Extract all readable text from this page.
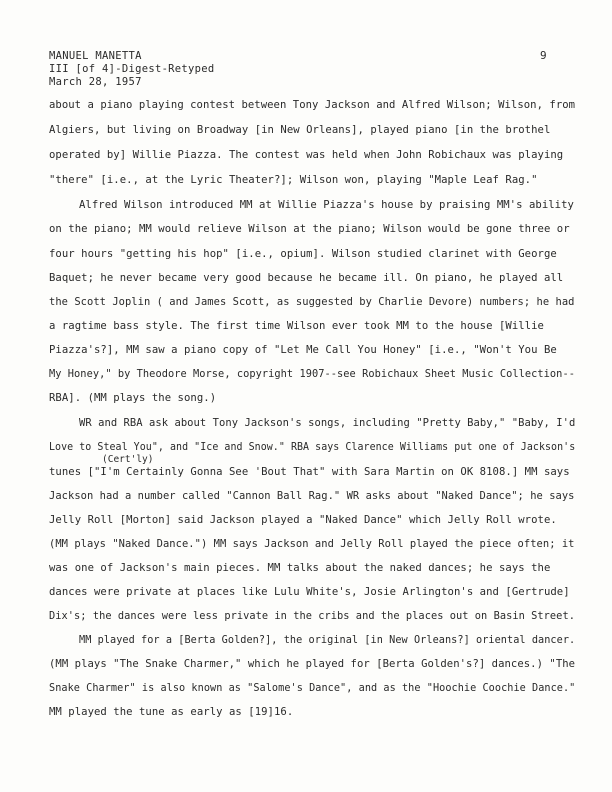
MANUEL MANETTA
III [of 4]-Digest-Retyped
March 28, 1957
9
about a piano playing contest between Tony Jackson and Alfred Wilson; Wilson, from
Algiers, but living on Broadway [in New Orleans], played piano [in the brothel
operated by] Willie Piazza. The contest was held when John Robichaux was playing
"there" [i.e., at the Lyric Theater?]; Wilson won, playing "Maple Leaf Rag."
Alfred Wilson introduced MM at Willie Piazza's house by praising MM's ability
on the piano; MM would relieve Wilson at the piano; Wilson would be gone three or
four hours "getting his hop" [i.e., opium]. Wilson studied clarinet with George
Baquet; he never became very good because he became ill. On piano, he played all
the Scott Joplin ( and James Scott, as suggested by Charlie Devore) numbers; he had
a ragtime bass style. The first time Wilson ever took MM to the house [Willie
Piazza's?], MM saw a piano copy of "Let Me Call You Honey" [i.e., "Won't You Be
My Honey," by Theodore Morse, copyright 1907--see Robichaux Sheet Music Collection--
RBA]. (MM plays the song.)
WR and RBA ask about Tony Jackson's songs, including "Pretty Baby," "Baby, I'd
Love to Steal You", and "Ice and Snow." RBA says Clarence Williams put one of Jackson's
(Cert'ly)
tunes ["I'm Certainly Gonna See 'Bout That" with Sara Martin on OK 8108.] MM says
Jackson had a number called "Cannon Ball Rag." WR asks about "Naked Dance"; he says
Jelly Roll [Morton] said Jackson played a "Naked Dance" which Jelly Roll wrote.
(MM plays "Naked Dance.") MM says Jackson and Jelly Roll played the piece often; it
was one of Jackson's main pieces. MM talks about the naked dances; he says the
dances were private at places like Lulu White's, Josie Arlington's and [Gertrude]
Dix's; the dances were less private in the cribs and the places out on Basin Street.
MM played for a [Berta Golden?], the original [in New Orleans?] oriental dancer.
(MM plays "The Snake Charmer," which he played for [Berta Golden's?] dances.) "The
Snake Charmer" is also known as "Salome's Dance", and as the "Hoochie Coochie Dance."
MM played the tune as early as [19]16.
